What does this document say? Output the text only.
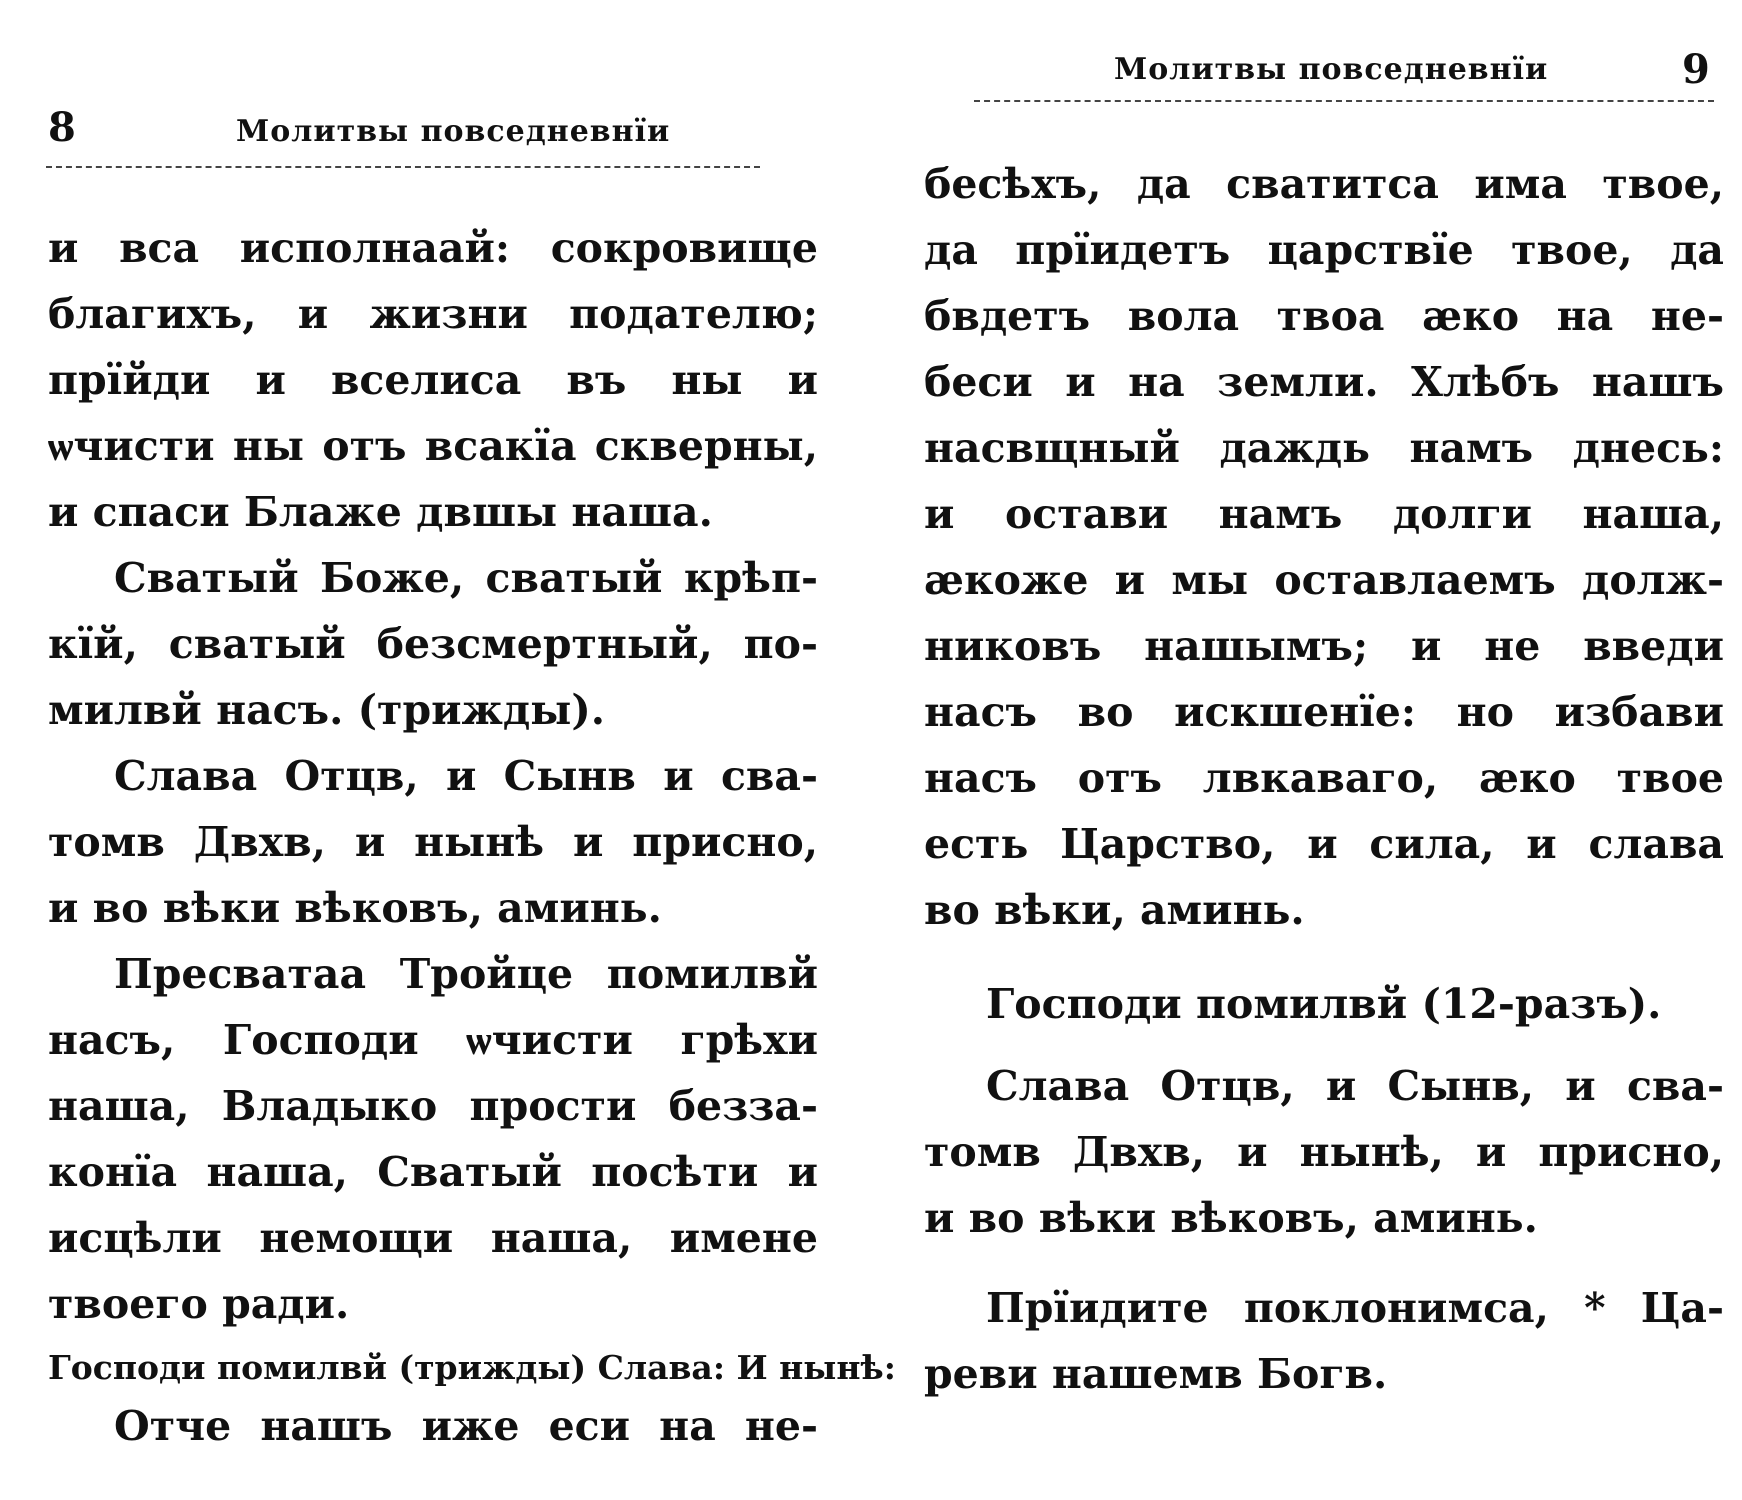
8	Молитвы повседневнїи
и вса исполнаай: сокровище
благихъ, и жизни подателю;
прїйди и вселиса въ ны и
ѡчисти ны отъ всакїа скверны,
и спаси Блаже двшы наша.
Сватый Боже, сватый крѣп-
кїй, сватый безсмертный, по-
милвй насъ. (трижды).
Слава Отцв, и Сынв и сва-
томв Двхв, и нынѣ и присно,
и во вѣки вѣковъ, аминь.
Пресватаа Тройце помилвй
насъ, Господи ѡчисти грѣхи
наша, Владыко прости безза-
конїа наша, Сватый посѣти и
исцѣли немощи наша, имене
твоего ради.
Господи помилвй (трижды) Слава: И нынѣ:
Отче нашъ иже еси на не-
Молитвы повседневнїи	9
бесѣхъ, да сватитса има твое,
да прїидетъ царствїе твое, да
бвдетъ вола твоа ӕко на не-
беси и на земли. Хлѣбъ нашъ
насвщный даждь намъ днесь:
и остави намъ долги наша,
ӕкоже и мы оставлаемъ долж-
никовъ нашымъ; и не введи
насъ во искшенїе: но избави
насъ отъ лвкаваго, ӕко твое
есть Царство, и сила, и слава
во вѣки, аминь.
Господи помилвй (12-разъ).
Слава Отцв, и Сынв, и сва-
томв Двхв, и нынѣ, и присно,
и во вѣки вѣковъ, аминь.
Прїидите поклонимса, * Ца-
реви нашемв Богв.
